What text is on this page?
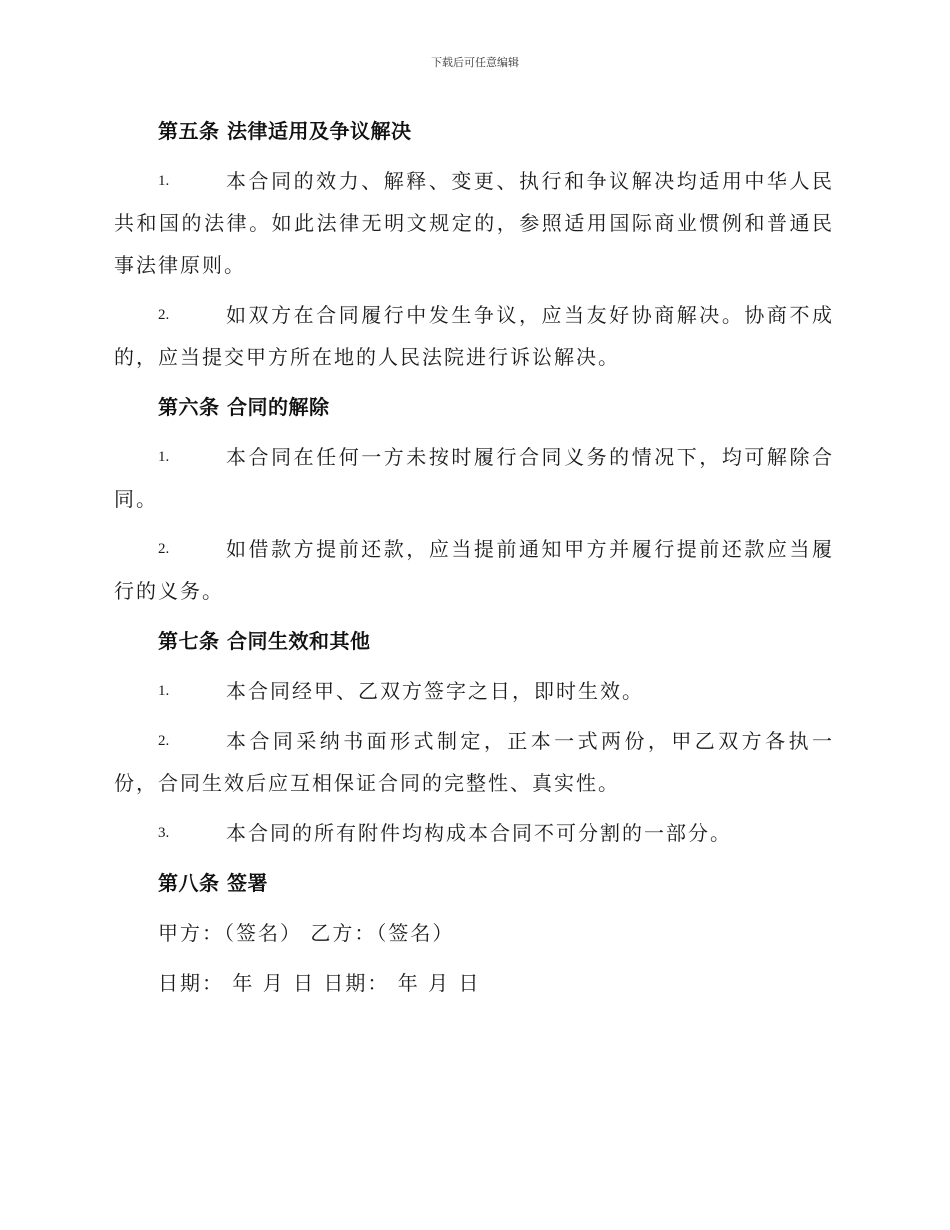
下载后可任意编辑
第五条 法律适用及争议解决
1.	本合同的效力、解释、变更、执行和争议解决均适用中华人民共和国的法律。如此法律无明文规定的，参照适用国际商业惯例和普通民事法律原则。
2.	如双方在合同履行中发生争议，应当友好协商解决。协商不成的，应当提交甲方所在地的人民法院进行诉讼解决。
第六条 合同的解除
1.	本合同在任何一方未按时履行合同义务的情况下，均可解除合同。
2.	如借款方提前还款，应当提前通知甲方并履行提前还款应当履行的义务。
第七条 合同生效和其他
1.	本合同经甲、乙双方签字之日，即时生效。
2.	本合同采纳书面形式制定，正本一式两份，甲乙双方各执一份，合同生效后应互相保证合同的完整性、真实性。
3.	本合同的所有附件均构成本合同不可分割的一部分。
第八条 签署
甲方：（签名） 乙方：（签名）
日期： 年 月 日 日期： 年 月 日
